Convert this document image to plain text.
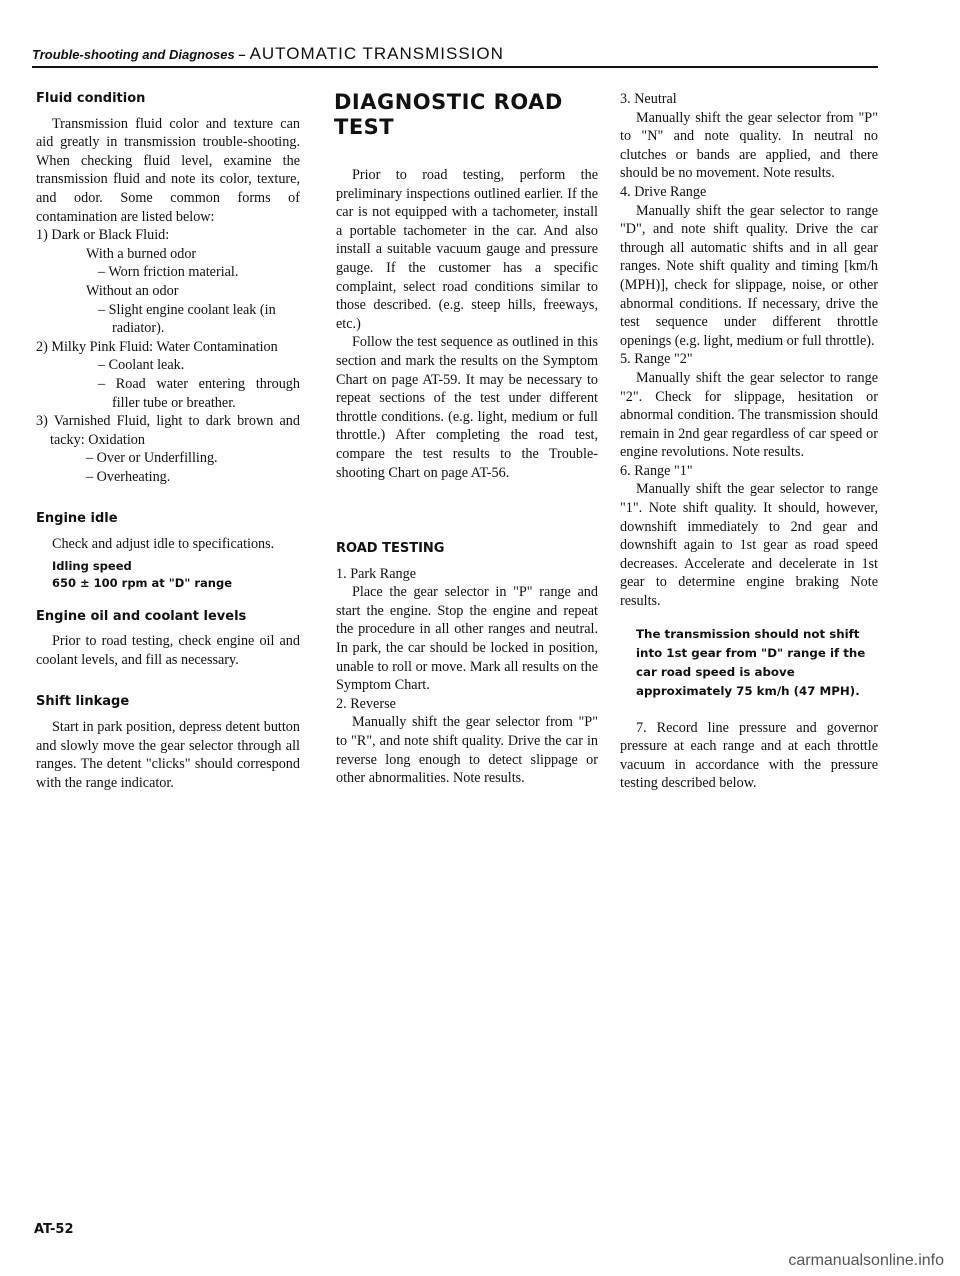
Trouble-shooting and Diagnoses – AUTOMATIC TRANSMISSION
Fluid condition

Transmission fluid color and texture can aid greatly in transmission trouble-shooting. When checking fluid level, examine the transmission fluid and note its color, texture, and odor. Some common forms of contamination are listed below:

1) Dark or Black Fluid:
With a burned odor
– Worn friction material.
Without an odor
– Slight engine coolant leak (in radiator).
2) Milky Pink Fluid: Water Contamination
– Coolant leak.
– Road water entering through filler tube or breather.
3) Varnished Fluid, light to dark brown and tacky: Oxidation
– Over or Underfilling.
– Overheating.
Engine idle

Check and adjust idle to specifications.

Idling speed
650 ± 100 rpm at "D" range
Engine oil and coolant levels

Prior to road testing, check engine oil and coolant levels, and fill as necessary.

Shift linkage

Start in park position, depress detent button and slowly move the gear selector through all ranges. The detent "clicks" should correspond with the range indicator.

DIAGNOSTIC ROAD TEST

Prior to road testing, perform the preliminary inspections outlined earlier. If the car is not equipped with a tachometer, install a portable tachometer in the car. And also install a suitable vacuum gauge and pressure gauge. If the customer has a specific complaint, select road conditions similar to those described. (e.g. steep hills, freeways, etc.)

Follow the test sequence as outlined in this section and mark the results on the Symptom Chart on page AT-59. It may be necessary to repeat sections of the test under different throttle conditions. (e.g. light, medium or full throttle.) After completing the road test, compare the test results to the Trouble-shooting Chart on page AT-56.

ROAD TESTING
1. Park Range

Place the gear selector in "P" range and start the engine. Stop the engine and repeat the procedure in all other ranges and neutral. In park, the car should be locked in position, unable to roll or move. Mark all results on the Symptom Chart.

2. Reverse

Manually shift the gear selector from "P" to "R", and note shift quality. Drive the car in reverse long enough to detect slippage or other abnormalities. Note results.

3. Neutral

Manually shift the gear selector from "P" to "N" and note quality. In neutral no clutches or bands are applied, and there should be no movement. Note results.

4. Drive Range

Manually shift the gear selector to range "D", and note shift quality. Drive the car through all automatic shifts and in all gear ranges. Note shift quality and timing [km/h (MPH)], check for slippage, noise, or other abnormal conditions. If necessary, drive the test sequence under different throttle openings (e.g. light, medium or full throttle).

5. Range "2"

Manually shift the gear selector to range "2". Check for slippage, hesitation or abnormal condition. The transmission should remain in 2nd gear regardless of car speed or engine revolutions. Note results.

6. Range "1"

Manually shift the gear selector to range "1". Note shift quality. It should, however, downshift immediately to 2nd gear and downshift again to 1st gear as road speed decreases. Accelerate and decelerate in 1st gear to determine engine braking Note results.

The transmission should not shift into 1st gear from "D" range if the car road speed is above approximately 75 km/h (47 MPH).

7. Record line pressure and governor pressure at each range and at each throttle vacuum in accordance with the pressure testing described below.

AT-52
carmanualsonline.info
